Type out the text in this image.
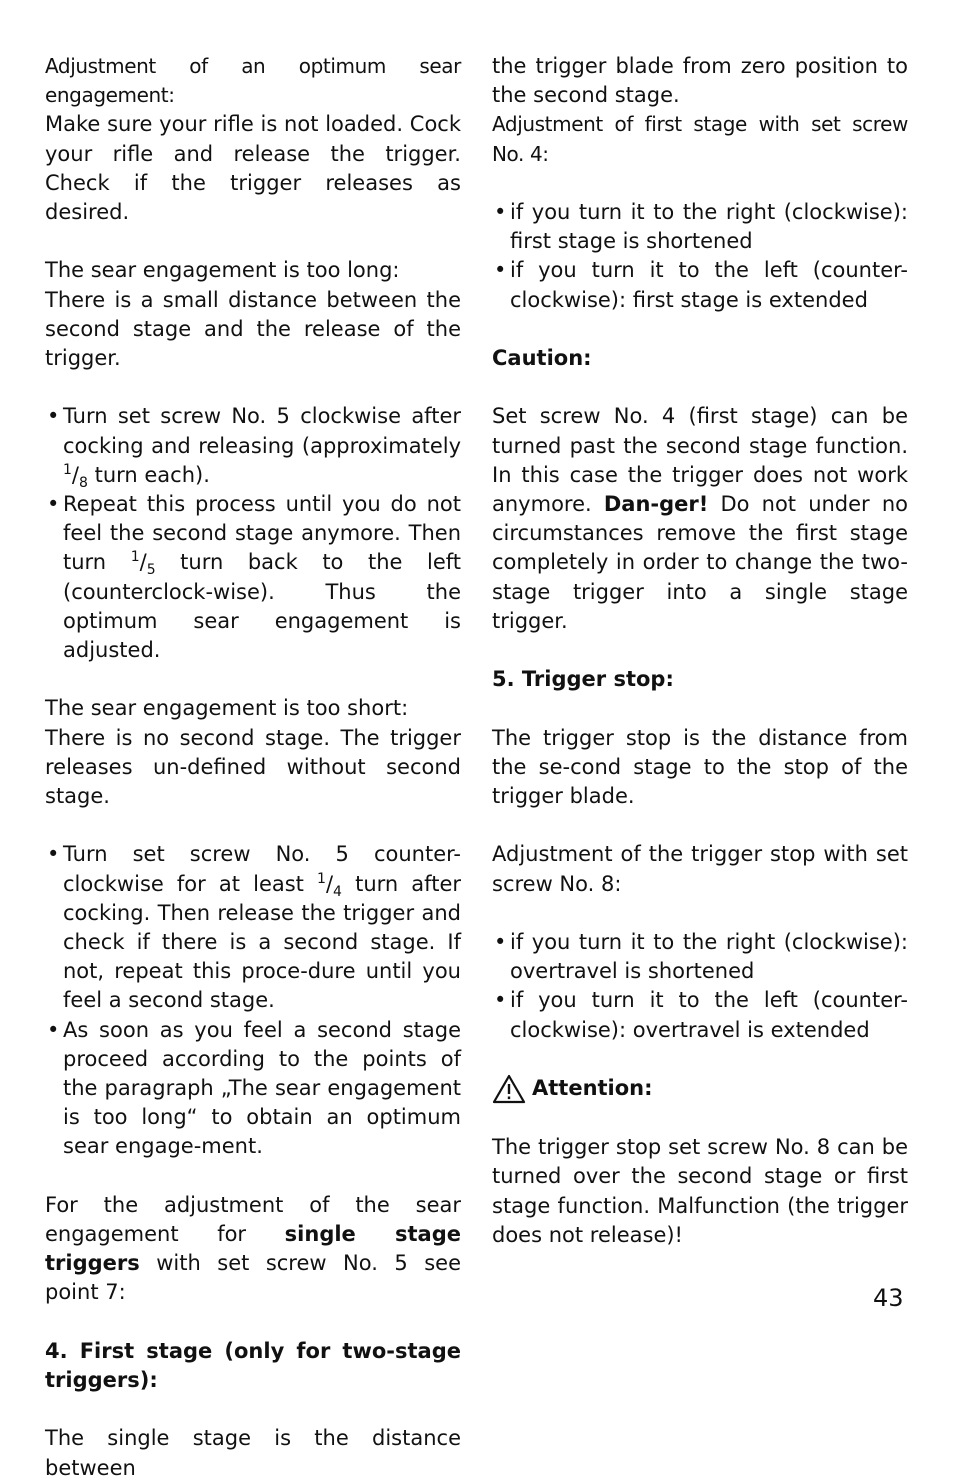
Adjustment of an optimum sear engagement:

Make sure your rifle is not loaded. Cock your rifle and release the trigger. Check if the trigger releases as desired.

The sear engagement is too long:

There is a small distance between the second stage and the release of the trigger.

• Turn set screw No. 5 clockwise after cocking and releasing (approximately $^1/_8$ turn each).
• Repeat this process until you do not feel the second stage anymore. Then turn $^1/_5$ turn back to the left (counterclock-wise). Thus the optimum sear engagement is adjusted.

The sear engagement is too short:

There is no second stage. The trigger releases un-defined without second stage.

• Turn set screw No. 5 counter-clockwise for at least $^1/_4$ turn after cocking. Then release the trigger and check if there is a second stage. If not, repeat this proce-dure until you feel a second stage.
• As soon as you feel a second stage proceed according to the points of the paragraph „The sear engagement is too long“ to obtain an optimum sear engage-ment.

For the adjustment of the sear engagement for single stage triggers with set screw No. 5 see point 7:

4. First stage (only for two-stage triggers):

The single stage is the distance between

the trigger blade from zero position to the second stage.

Adjustment of first stage with set screw No. 4:

• if you turn it to the right (clockwise): first stage is shortened
• if you turn it to the left (counter-clockwise): first stage is extended

Caution:

Set screw No. 4 (first stage) can be turned past the second stage function. In this case the trigger does not work anymore. Dan-ger! Do not under no circumstances remove the first stage completely in order to change the two-stage trigger into a single stage trigger.

5. Trigger stop:

The trigger stop is the distance from the se-cond stage to the stop of the trigger blade.

Adjustment of the trigger stop with set screw No. 8:

• if you turn it to the right (clockwise): overtravel is shortened
• if you turn it to the left (counter-clockwise): overtravel is extended
Attention:

The trigger stop set screw No. 8 can be turned over the second stage or first stage function. Malfunction (the trigger does not release)!

43
